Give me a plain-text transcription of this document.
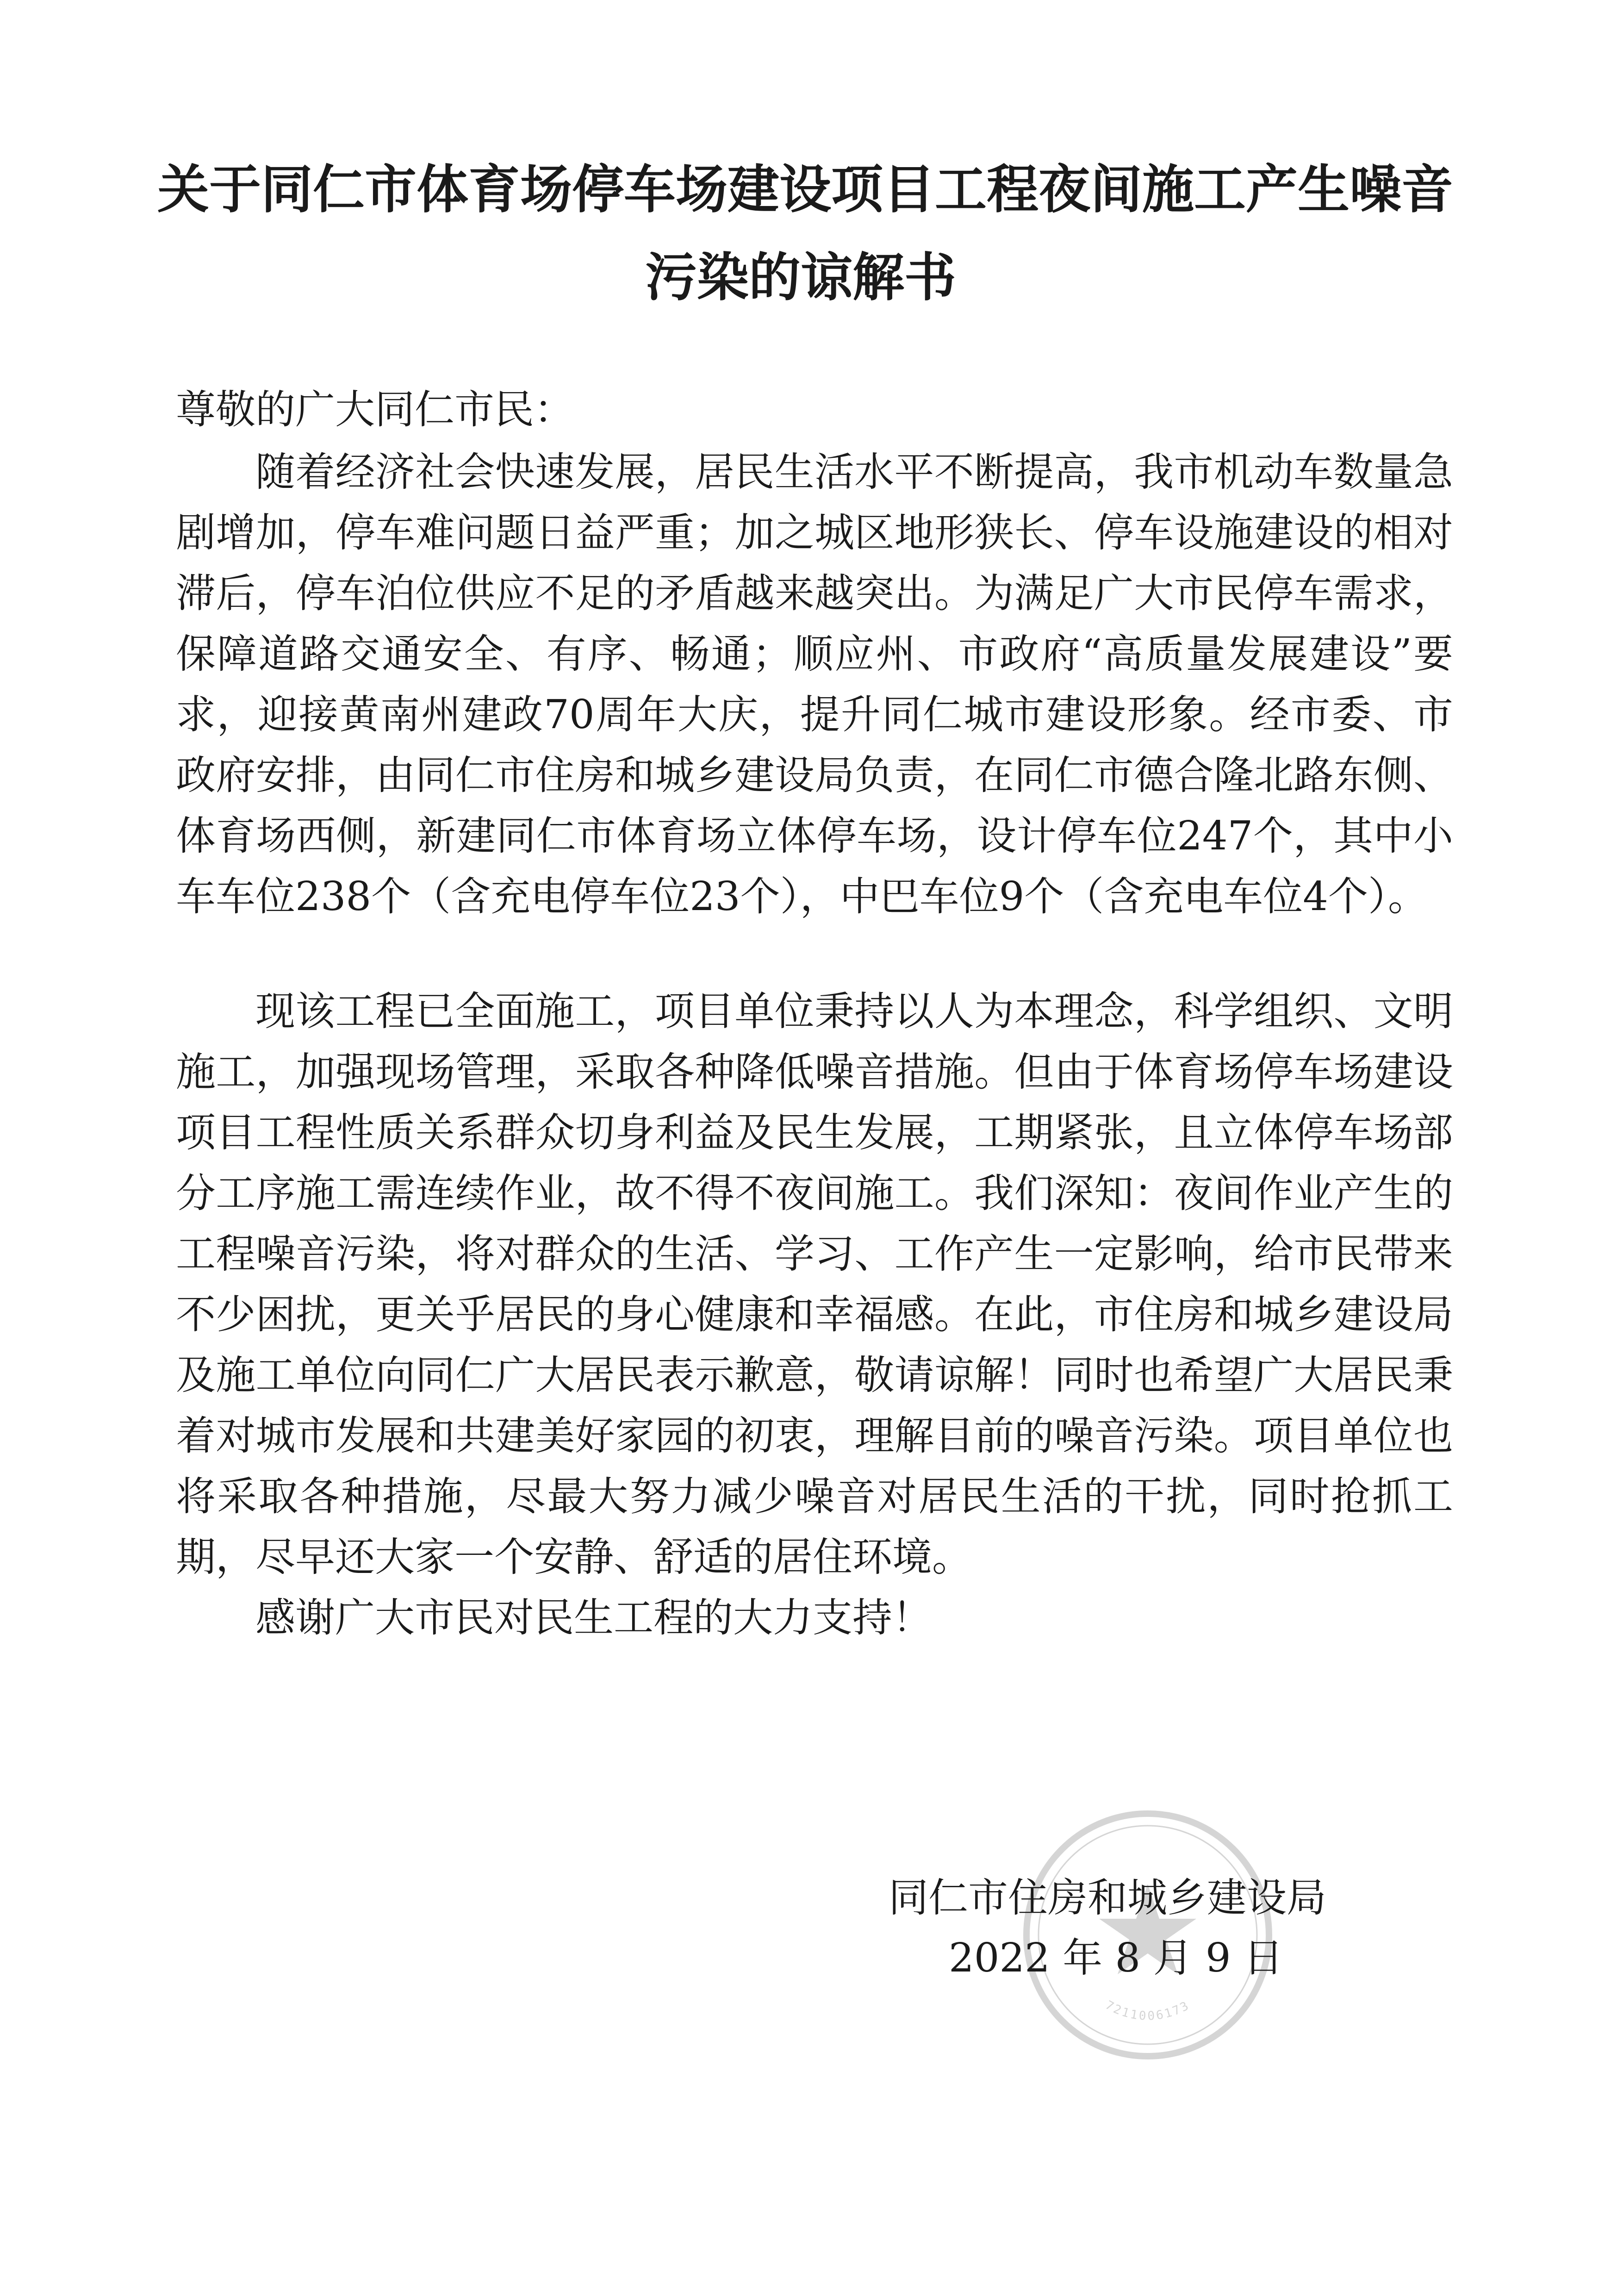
关于同仁市体育场停车场建设项目工程夜间施工产生噪音
污染的谅解书
尊敬的广大同仁市民：

随着经济社会快速发展，居民生活水平不断提高，我市机动车数量急剧增加，停车难问题日益严重；加之城区地形狭长、停车设施建设的相对滞后，停车泊位供应不足的矛盾越来越突出。为满足广大市民停车需求，保障道路交通安全、有序、畅通；顺应州、市政府“高质量发展建设”要求，迎接黄南州建政70周年大庆，提升同仁城市建设形象。经市委、市政府安排，由同仁市住房和城乡建设局负责，在同仁市德合隆北路东侧、体育场西侧，新建同仁市体育场立体停车场，设计停车位247个，其中小车车位238个（含充电停车位23个），中巴车位9个（含充电车位4个）。

现该工程已全面施工，项目单位秉持以人为本理念，科学组织、文明施工，加强现场管理，采取各种降低噪音措施。但由于体育场停车场建设项目工程性质关系群众切身利益及民生发展，工期紧张，且立体停车场部分工序施工需连续作业，故不得不夜间施工。我们深知：夜间作业产生的工程噪音污染，将对群众的生活、学习、工作产生一定影响，给市民带来不少困扰，更关乎居民的身心健康和幸福感。在此，市住房和城乡建设局及施工单位向同仁广大居民表示歉意，敬请谅解！同时也希望广大居民秉着对城市发展和共建美好家园的初衷，理解目前的噪音污染。项目单位也将采取各种措施，尽最大努力减少噪音对居民生活的干扰，同时抢抓工期，尽早还大家一个安静、舒适的居住环境。

感谢广大市民对民生工程的大力支持！

7211006173
同仁市住房和城乡建设局
2022 年 8 月 9 日
